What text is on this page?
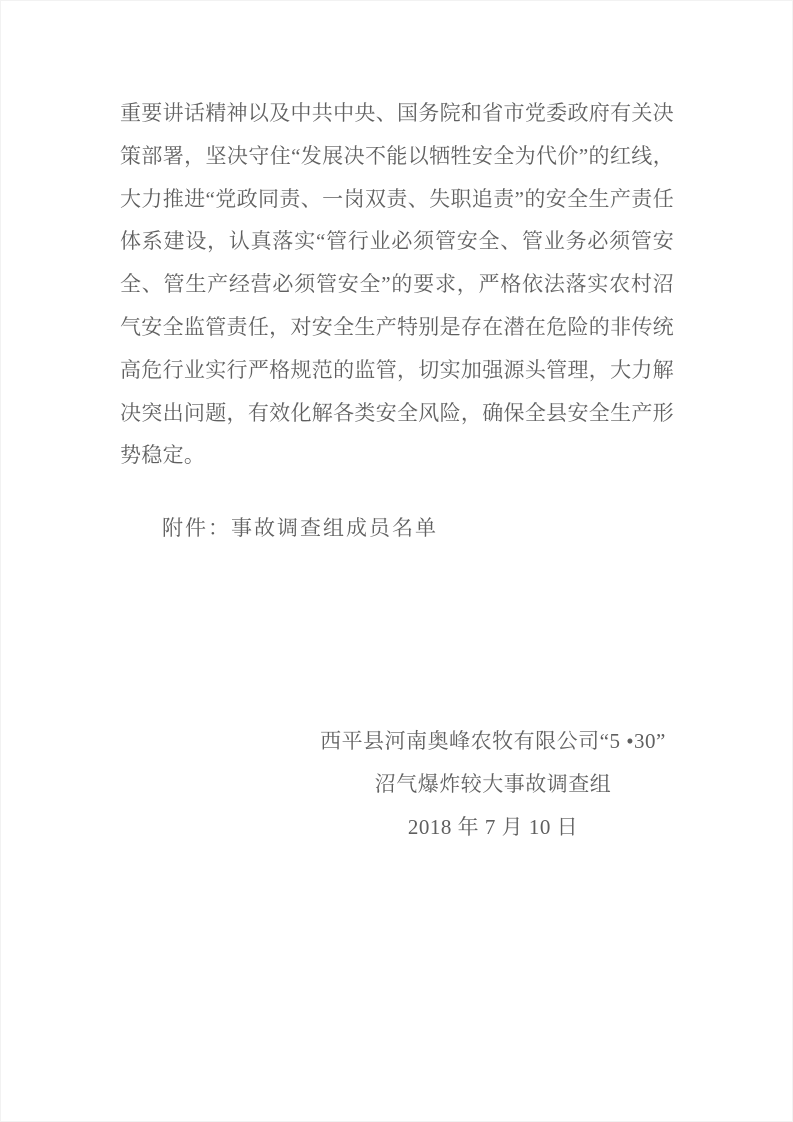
重要讲话精神以及中共中央、国务院和省市党委政府有关决策部署，坚决守住“发展决不能以牺牲安全为代价”的红线，大力推进“党政同责、一岗双责、失职追责”的安全生产责任体系建设，认真落实“管行业必须管安全、管业务必须管安全、管生产经营必须管安全”的要求，严格依法落实农村沼气安全监管责任，对安全生产特别是存在潜在危险的非传统高危行业实行严格规范的监管，切实加强源头管理，大力解决突出问题，有效化解各类安全风险，确保全县安全生产形势稳定。
附件：事故调查组成员名单
西平县河南奥峰农牧有限公司“5 •30”
沼气爆炸较大事故调查组
2018 年 7 月 10 日
